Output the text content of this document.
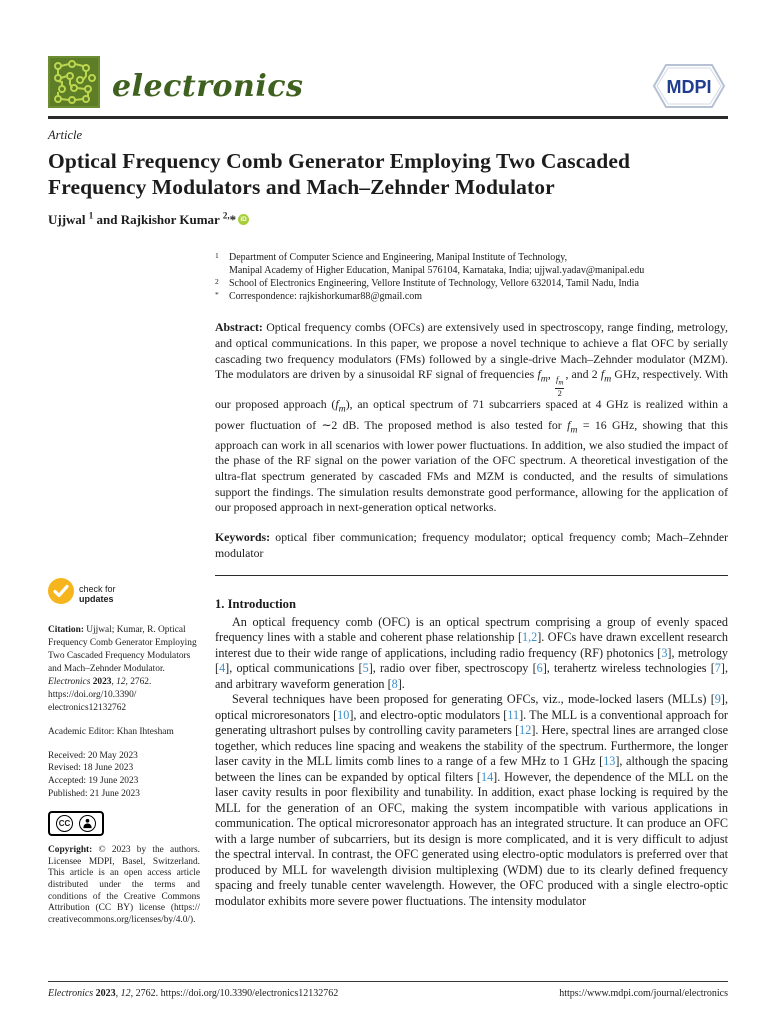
electronics	MDPI
Article
Optical Frequency Comb Generator Employing Two Cascaded Frequency Modulators and Mach–Zehnder Modulator
Ujjwal $^1$ and Rajkishor Kumar $^{2,}$* iD
check for
updates

Citation: Ujjwal; Kumar, R. Optical Frequency Comb Generator Employing Two Cascaded Frequency Modulators and Mach–Zehnder Modulator. Electronics 2023, 12, 2762. https://doi.org/10.3390/electronics12132762

Academic Editor: Khan Ihtesham

Received: 20 May 2023
Revised: 18 June 2023
Accepted: 19 June 2023
Published: 21 June 2023
CC

Copyright: © 2023 by the authors. Licensee MDPI, Basel, Switzerland. This article is an open access article distributed under the terms and conditions of the Creative Commons Attribution (CC BY) license (https://creativecommons.org/licenses/by/4.0/).

1	Department of Computer Science and Engineering, Manipal Institute of Technology,
Manipal Academy of Higher Education, Manipal 576104, Karnataka, India; ujjwal.yadav@manipal.edu
2	School of Electronics Engineering, Vellore Institute of Technology, Vellore 632014, Tamil Nadu, India
*	Correspondence: rajkishorkumar88@gmail.com

Abstract: Optical frequency combs (OFCs) are extensively used in spectroscopy, range finding, metrology, and optical communications. In this paper, we propose a novel technique to achieve a flat OFC by serially cascading two frequency modulators (FMs) followed by a single-drive Mach–Zehnder modulator (MZM). The modulators are driven by a sinusoidal RF signal of frequencies $f_m$,
$\frac{f_m}{2}$
, and 2 $f_m$ GHz, respectively. With our proposed approach $(f_m)$, an optical spectrum of 71 subcarriers spaced at 4 GHz is realized within a power fluctuation of ∼2 dB. The proposed method is also tested for $f_m = 16$ GHz, showing that this approach can work in all scenarios with lower power fluctuations. In addition, we also studied the impact of the phase of the RF signal on the power variation of the OFC spectrum. A theoretical investigation of the ultra-flat spectrum generated by cascaded FMs and MZM is conducted, and the results of simulations support the findings. The simulation results demonstrate good performance, allowing for the application of our proposed approach in next-generation optical networks.

Keywords: optical fiber communication; frequency modulator; optical frequency comb; Mach–Zehnder modulator

1. Introduction

An optical frequency comb (OFC) is an optical spectrum comprising a group of evenly spaced frequency lines with a stable and coherent phase relationship [1,2]. OFCs have drawn excellent research interest due to their wide range of applications, including radio frequency (RF) photonics [3], metrology [4], optical communications [5], radio over fiber, spectroscopy [6], terahertz wireless technologies [7], and arbitrary waveform generation [8].

Several techniques have been proposed for generating OFCs, viz., mode-locked lasers (MLLs) [9], optical microresonators [10], and electro-optic modulators [11]. The MLL is a conventional approach for generating ultrashort pulses by controlling cavity parameters [12]. Here, spectral lines are arranged close together, which reduces line spacing and weakens the stability of the spectrum. Furthermore, the longer laser cavity in the MLL limits comb lines to a range of a few MHz to 1 GHz [13], although the spacing between the lines can be expanded by optical filters [14]. However, the dependence of the MLL on the laser cavity results in poor flexibility and tunability. In addition, exact phase locking is required by the MLL for the generation of an OFC, making the system incompatible with various applications in communication. The optical microresonator approach has an integrated structure. It can produce an OFC with a large number of subcarriers, but its design is more complicated, and it is very difficult to adjust the spectral interval. In contrast, the OFC generated using electro-optic modulators is preferred over that produced by MLL for wavelength division multiplexing (WDM) due to its clearly defined frequency spacing and freely tunable center wavelength. However, the OFC produced with a single electro-optic modulator exhibits more severe power fluctuations. The intensity modulator

Electronics 2023, 12, 2762. https://doi.org/10.3390/electronics12132762	https://www.mdpi.com/journal/electronics
